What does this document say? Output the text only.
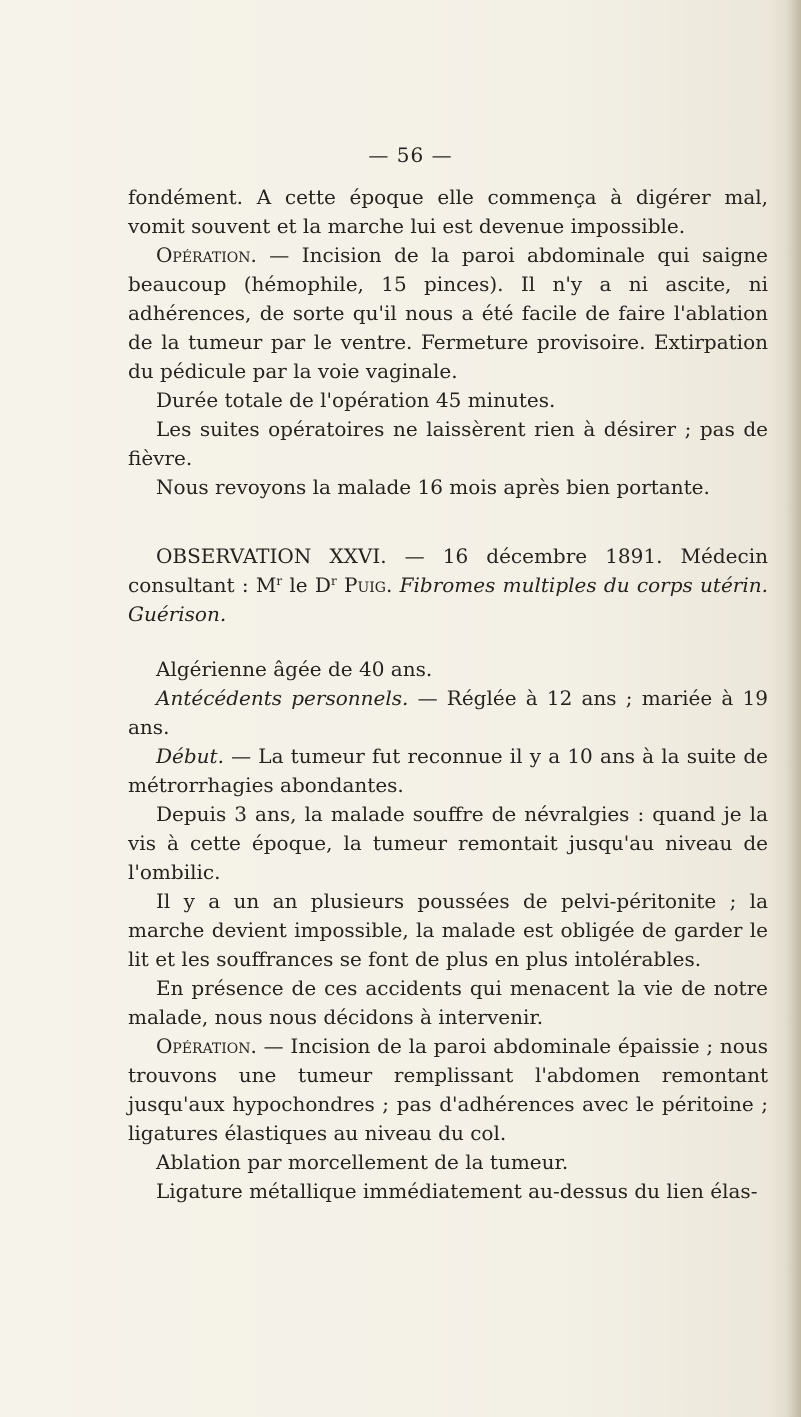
— 56 —

fondément. A cette époque elle commença à digérer mal, vomit souvent et la marche lui est devenue impossible.

Opération. — Incision de la paroi abdominale qui saigne beaucoup (hémophile, 15 pinces). Il n'y a ni ascite, ni adhérences, de sorte qu'il nous a été facile de faire l'ablation de la tumeur par le ventre. Fermeture provisoire. Extirpation du pédicule par la voie vaginale.

Durée totale de l'opération 45 minutes.

Les suites opératoires ne laissèrent rien à désirer ; pas de fièvre.

Nous revoyons la malade 16 mois après bien portante.

OBSERVATION XXVI. — 16 décembre 1891. Médecin consultant : $M^r$ le $D^r$ Puig. Fibromes multiples du corps utérin. Guérison.

Algérienne âgée de 40 ans.

Antécédents personnels. — Réglée à 12 ans ; mariée à 19 ans.

Début. — La tumeur fut reconnue il y a 10 ans à la suite de métrorrhagies abondantes.

Depuis 3 ans, la malade souffre de névralgies : quand je la vis à cette époque, la tumeur remontait jusqu'au niveau de l'ombilic.

Il y a un an plusieurs poussées de pelvi-péritonite ; la marche devient impossible, la malade est obligée de garder le lit et les souffrances se font de plus en plus intolérables.

En présence de ces accidents qui menacent la vie de notre malade, nous nous décidons à intervenir.

Opération. — Incision de la paroi abdominale épaissie ; nous trouvons une tumeur remplissant l'abdomen remontant jusqu'aux hypochondres ; pas d'adhérences avec le péritoine ; ligatures élastiques au niveau du col.

Ablation par morcellement de la tumeur.

Ligature métallique immédiatement au-dessus du lien élas-
